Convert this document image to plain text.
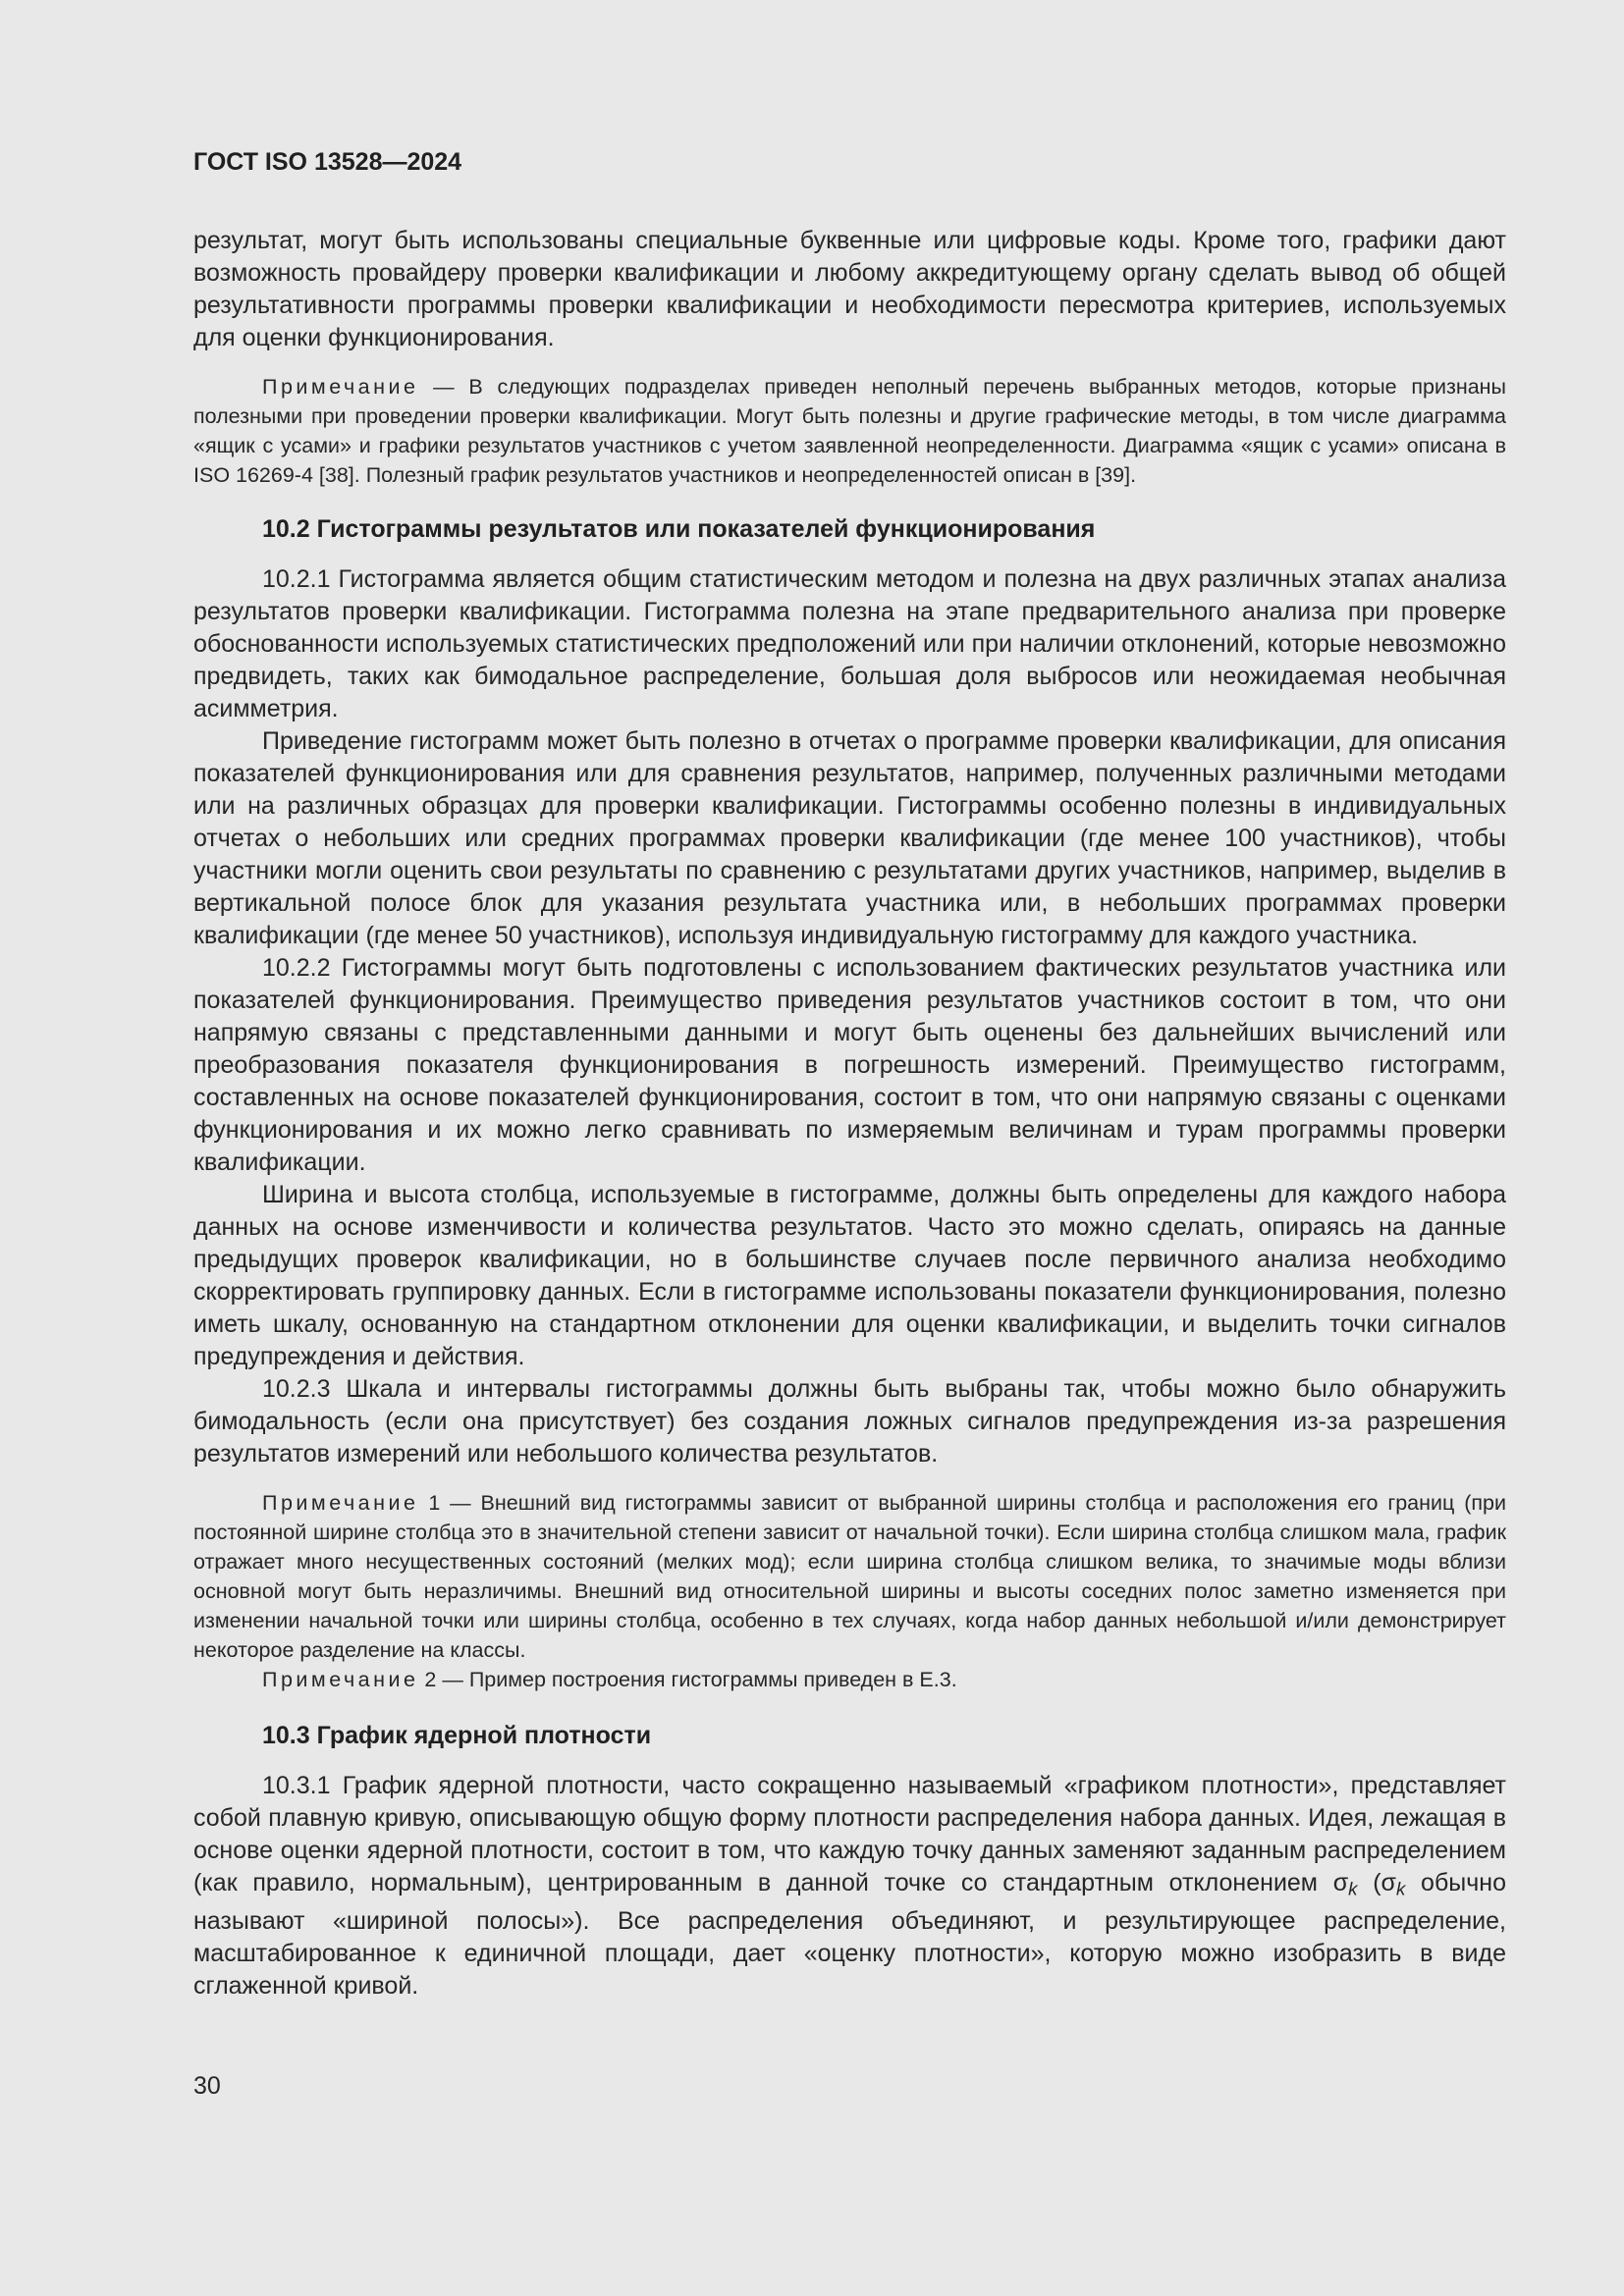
ГОСТ ISO 13528—2024

результат, могут быть использованы специальные буквенные или цифровые коды. Кроме того, графики дают возможность провайдеру проверки квалификации и любому аккредитующему органу сделать вывод об общей результативности программы проверки квалификации и необходимости пересмотра критериев, используемых для оценки функционирования.

Примечание — В следующих подразделах приведен неполный перечень выбранных методов, которые признаны полезными при проведении проверки квалификации. Могут быть полезны и другие графические методы, в том числе диаграмма «ящик с усами» и графики результатов участников с учетом заявленной неопределенности. Диаграмма «ящик с усами» описана в ISO 16269-4 [38]. Полезный график результатов участников и неопределенностей описан в [39].

10.2 Гистограммы результатов или показателей функционирования

10.2.1 Гистограмма является общим статистическим методом и полезна на двух различных этапах анализа результатов проверки квалификации. Гистограмма полезна на этапе предварительного анализа при проверке обоснованности используемых статистических предположений или при наличии отклонений, которые невозможно предвидеть, таких как бимодальное распределение, большая доля выбросов или неожидаемая необычная асимметрия.

Приведение гистограмм может быть полезно в отчетах о программе проверки квалификации, для описания показателей функционирования или для сравнения результатов, например, полученных различными методами или на различных образцах для проверки квалификации. Гистограммы особенно полезны в индивидуальных отчетах о небольших или средних программах проверки квалификации (где менее 100 участников), чтобы участники могли оценить свои результаты по сравнению с результатами других участников, например, выделив в вертикальной полосе блок для указания результата участника или, в небольших программах проверки квалификации (где менее 50 участников), используя индивидуальную гистограмму для каждого участника.

10.2.2 Гистограммы могут быть подготовлены с использованием фактических результатов участника или показателей функционирования. Преимущество приведения результатов участников состоит в том, что они напрямую связаны с представленными данными и могут быть оценены без дальнейших вычислений или преобразования показателя функционирования в погрешность измерений. Преимущество гистограмм, составленных на основе показателей функционирования, состоит в том, что они напрямую связаны с оценками функционирования и их можно легко сравнивать по измеряемым величинам и турам программы проверки квалификации.

Ширина и высота столбца, используемые в гистограмме, должны быть определены для каждого набора данных на основе изменчивости и количества результатов. Часто это можно сделать, опираясь на данные предыдущих проверок квалификации, но в большинстве случаев после первичного анализа необходимо скорректировать группировку данных. Если в гистограмме использованы показатели функционирования, полезно иметь шкалу, основанную на стандартном отклонении для оценки квалификации, и выделить точки сигналов предупреждения и действия.

10.2.3 Шкала и интервалы гистограммы должны быть выбраны так, чтобы можно было обнаружить бимодальность (если она присутствует) без создания ложных сигналов предупреждения из-за разрешения результатов измерений или небольшого количества результатов.

Примечание 1 — Внешний вид гистограммы зависит от выбранной ширины столбца и расположения его границ (при постоянной ширине столбца это в значительной степени зависит от начальной точки). Если ширина столбца слишком мала, график отражает много несущественных состояний (мелких мод); если ширина столбца слишком велика, то значимые моды вблизи основной могут быть неразличимы. Внешний вид относительной ширины и высоты соседних полос заметно изменяется при изменении начальной точки или ширины столбца, особенно в тех случаях, когда набор данных небольшой и/или демонстрирует некоторое разделение на классы.

Примечание 2 — Пример построения гистограммы приведен в Е.3.

10.3 График ядерной плотности

10.3.1 График ядерной плотности, часто сокращенно называемый «графиком плотности», представляет собой плавную кривую, описывающую общую форму плотности распределения набора данных. Идея, лежащая в основе оценки ядерной плотности, состоит в том, что каждую точку данных заменяют заданным распределением (как правило, нормальным), центрированным в данной точке со стандартным отклонением σk (σk обычно называют «шириной полосы»). Все распределения объединяют, и результирующее распределение, масштабированное к единичной площади, дает «оценку плотности», которую можно изобразить в виде сглаженной кривой.

30
